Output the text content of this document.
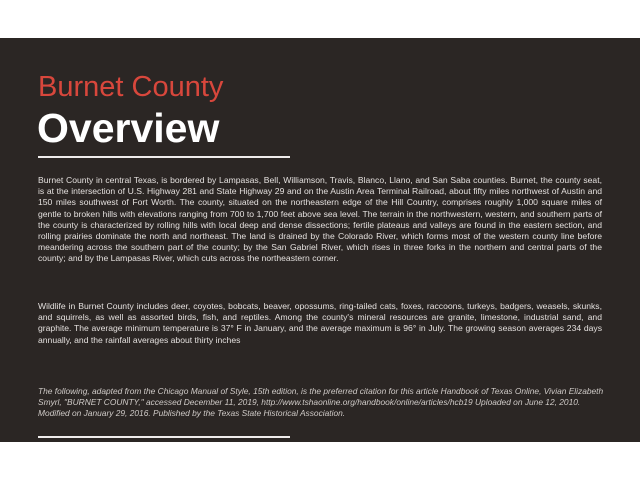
Burnet County
Overview

Burnet County in central Texas, is bordered by Lampasas, Bell, Williamson, Travis, Blanco, Llano, and San Saba counties. Burnet, the county seat, is at the intersection of U.S. Highway 281 and State Highway 29 and on the Austin Area Terminal Railroad, about fifty miles northwest of Austin and 150 miles southwest of Fort Worth. The county, situated on the northeastern edge of the Hill Country, comprises roughly 1,000 square miles of gentle to broken hills with elevations ranging from 700 to 1,700 feet above sea level. The terrain in the northwestern, western, and southern parts of the county is characterized by rolling hills with local deep and dense dissections; fertile plateaus and valleys are found in the eastern section, and rolling prairies dominate the north and northeast. The land is drained by the Colorado River, which forms most of the western county line before meandering across the southern part of the county; by the San Gabriel River, which rises in three forks in the northern and central parts of the county; and by the Lampasas River, which cuts across the northeastern corner.

Wildlife in Burnet County includes deer, coyotes, bobcats, beaver, opossums, ring-tailed cats, foxes, raccoons, turkeys, badgers, weasels, skunks, and squirrels, as well as assorted birds, fish, and reptiles. Among the county's mineral resources are granite, limestone, industrial sand, and graphite. The average minimum temperature is 37° F in January, and the average maximum is 96° in July. The growing season averages 234 days annually, and the rainfall averages about thirty inches

The following, adapted from the Chicago Manual of Style, 15th edition, is the preferred citation for this article Handbook of Texas Online, Vivian Elizabeth Smyrl, "BURNET COUNTY," accessed December 11, 2019, http://www.tshaonline.org/handbook/online/articles/hcb19 Uploaded on June 12, 2010. Modified on January 29, 2016. Published by the Texas State Historical Association.
